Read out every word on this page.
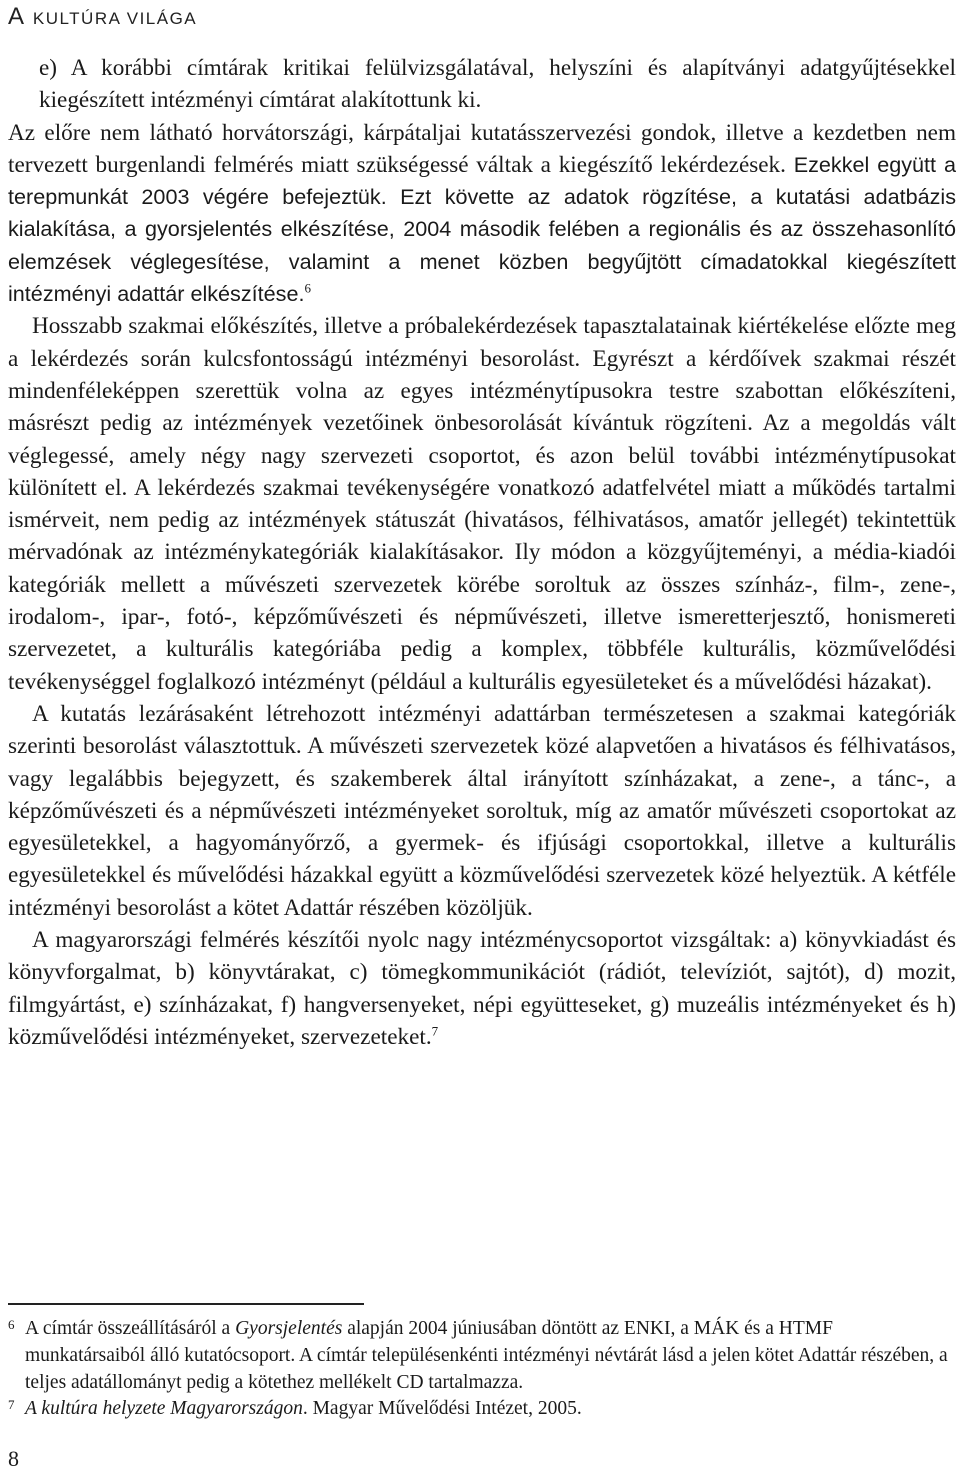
A KULTÚRA VILÁGA

e) A korábbi címtárak kritikai felülvizsgálatával, helyszíni és alapítványi adatgyűjtésekkel kiegészített intézményi címtárat alakítottunk ki.

Az előre nem látható horvátországi, kárpátaljai kutatásszervezési gondok, illetve a kezdetben nem tervezett burgenlandi felmérés miatt szükségessé váltak a kiegészítő lekérdezések. Ezekkel együtt a terepmunkát 2003 végére befejeztük. Ezt követte az adatok rögzítése, a kutatási adatbázis kialakítása, a gyorsjelentés elkészítése, 2004 második felében a regionális és az összehasonlító elemzések véglegesítése, valamint a menet közben begyűjtött címadatokkal kiegészített intézményi adattár elkészítése.$^6$

Hosszabb szakmai előkészítés, illetve a próbalekérdezések tapasztalatainak kiértékelése előzte meg a lekérdezés során kulcsfontosságú intézményi besorolást. Egyrészt a kérdőívek szakmai részét mindenféleképpen szerettük volna az egyes intézménytípusokra testre szabottan előkészíteni, másrészt pedig az intézmények vezetőinek önbesorolását kívántuk rögzíteni. Az a megoldás vált véglegessé, amely négy nagy szervezeti csoportot, és azon belül további intézménytípusokat különített el. A lekérdezés szakmai tevékenységére vonatkozó adatfelvétel miatt a működés tartalmi ismérveit, nem pedig az intézmények státuszát (hivatásos, félhivatásos, amatőr jellegét) tekintettük mérvadónak az intézménykategóriák kialakításakor. Ily módon a közgyűjteményi, a média-kiadói kategóriák mellett a művészeti szervezetek körébe soroltuk az összes színház-, film-, zene-, irodalom-, ipar-, fotó-, képzőművészeti és népművészeti, illetve ismeretterjesztő, honismereti szervezetet, a kulturális kategóriába pedig a komplex, többféle kulturális, közművelődési tevékenységgel foglalkozó intézményt (például a kulturális egyesületeket és a művelődési házakat).

A kutatás lezárásaként létrehozott intézményi adattárban természetesen a szakmai kategóriák szerinti besorolást választottuk. A művészeti szervezetek közé alapvetően a hivatásos és félhivatásos, vagy legalábbis bejegyzett, és szakemberek által irányított színházakat, a zene-, a tánc-, a képzőművészeti és a népművészeti intézményeket soroltuk, míg az amatőr művészeti csoportokat az egyesületekkel, a hagyományőrző, a gyermek- és ifjúsági csoportokkal, illetve a kulturális egyesületekkel és művelődési házakkal együtt a közművelődési szervezetek közé helyeztük. A kétféle intézményi besorolást a kötet Adattár részében közöljük.

A magyarországi felmérés készítői nyolc nagy intézménycsoportot vizsgáltak: a) könyvkiadást és könyvforgalmat, b) könyvtárakat, c) tömegkommunikációt (rádiót, televíziót, sajtót), d) mozit, filmgyártást, e) színházakat, f) hangversenyeket, népi együtteseket, g) muzeális intézményeket és h) közművelődési intézményeket, szervezeteket.$^7$

6 A címtár összeállításáról a Gyorsjelentés alapján 2004 júniusában döntött az ENKI, a MÁK és a HTMF munkatársaiból álló kutatócsoport. A címtár településenkénti intézményi névtárát lásd a jelen kötet Adattár részében, a teljes adatállományt pedig a kötethez mellékelt CD tartalmazza.
7 A kultúra helyzete Magyarországon. Magyar Művelődési Intézet, 2005.
8
